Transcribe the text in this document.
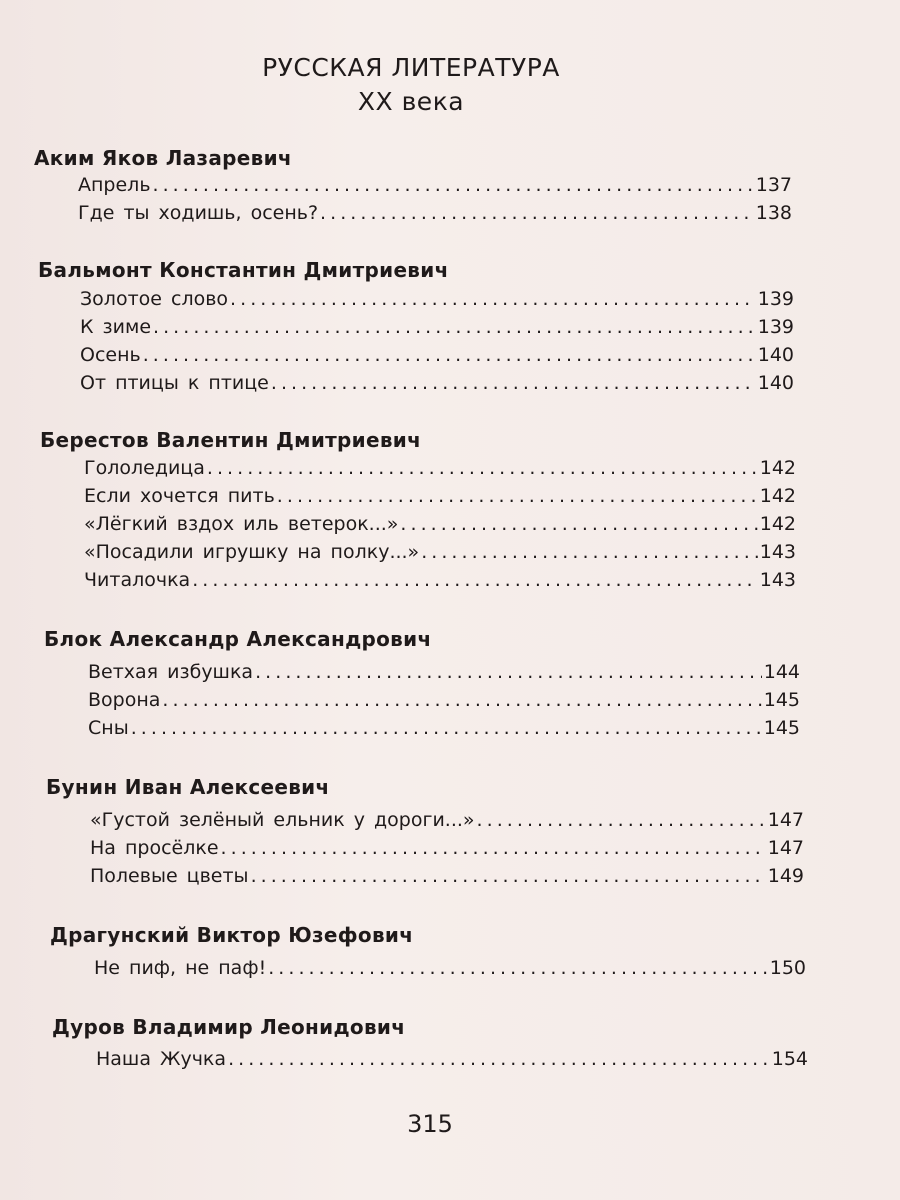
РУССКАЯ ЛИТЕРАТУРА
XX века
Аким Яков Лазаревич
Апрель . . .	137
Где ты ходишь, осень? . . .	138
Бальмонт Константин Дмитриевич
Золотое слово . . .	139
К зиме . . .	139
Осень . . .	140
От птицы к птице . . .	140
Берестов Валентин Дмитриевич
Гололедица . . .	142
Если хочется пить . . .	142
«Лёгкий вздох иль ветерок...» . . .	142
«Посадили игрушку на полку...» . . .	143
Читалочка . . .	143
Блок Александр Александрович
Ветхая избушка . . .	144
Ворона . . .	145
Сны . . .	145
Бунин Иван Алексеевич
«Густой зелёный ельник у дороги...» . . .	147
На просёлке . . .	147
Полевые цветы . . .	149
Драгунский Виктор Юзефович
Не пиф, не паф! . . .	150
Дуров Владимир Леонидович
Наша Жучка . . .	154
315
